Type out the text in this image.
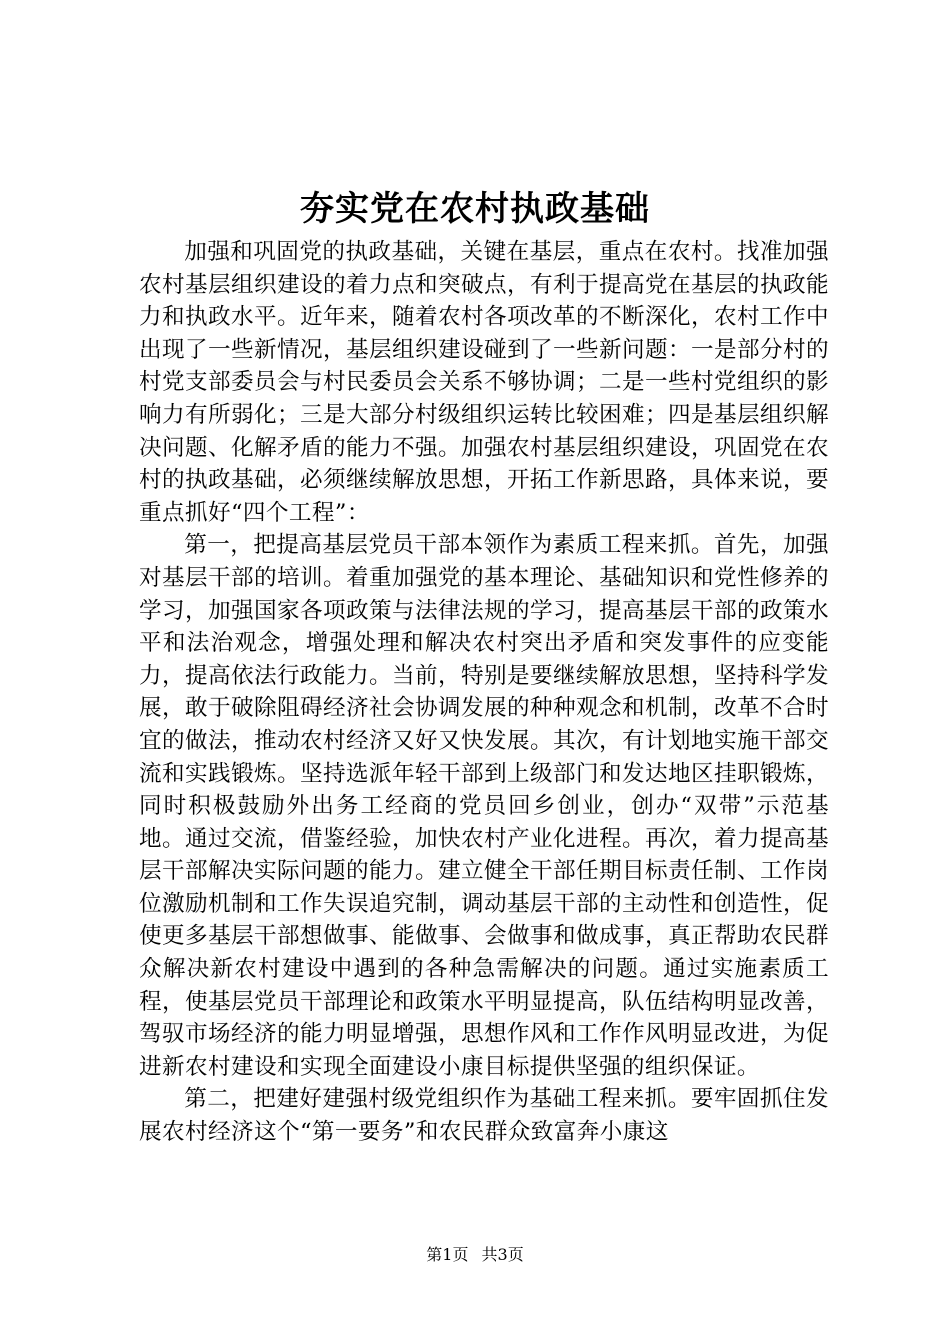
夯实党在农村执政基础

加强和巩固党的执政基础，关键在基层，重点在农村。找准加强农村基层组织建设的着力点和突破点，有利于提高党在基层的执政能力和执政水平。近年来，随着农村各项改革的不断深化，农村工作中出现了一些新情况，基层组织建设碰到了一些新问题：一是部分村的村党支部委员会与村民委员会关系不够协调；二是一些村党组织的影响力有所弱化；三是大部分村级组织运转比较困难；四是基层组织解决问题、化解矛盾的能力不强。加强农村基层组织建设，巩固党在农村的执政基础，必须继续解放思想，开拓工作新思路，具体来说，要重点抓好“四个工程”：

第一，把提高基层党员干部本领作为素质工程来抓。首先，加强对基层干部的培训。着重加强党的基本理论、基础知识和党性修养的学习，加强国家各项政策与法律法规的学习，提高基层干部的政策水平和法治观念，增强处理和解决农村突出矛盾和突发事件的应变能力，提高依法行政能力。当前，特别是要继续解放思想，坚持科学发展，敢于破除阻碍经济社会协调发展的种种观念和机制，改革不合时宜的做法，推动农村经济又好又快发展。其次，有计划地实施干部交流和实践锻炼。坚持选派年轻干部到上级部门和发达地区挂职锻炼，同时积极鼓励外出务工经商的党员回乡创业，创办“双带”示范基地。通过交流，借鉴经验，加快农村产业化进程。再次，着力提高基层干部解决实际问题的能力。建立健全干部任期目标责任制、工作岗位激励机制和工作失误追究制，调动基层干部的主动性和创造性，促使更多基层干部想做事、能做事、会做事和做成事，真正帮助农民群众解决新农村建设中遇到的各种急需解决的问题。通过实施素质工程，使基层党员干部理论和政策水平明显提高，队伍结构明显改善，驾驭市场经济的能力明显增强，思想作风和工作作风明显改进，为促进新农村建设和实现全面建设小康目标提供坚强的组织保证。

第二，把建好建强村级党组织作为基础工程来抓。要牢固抓住发展农村经济这个“第一要务”和农民群众致富奔小康这

第1页 共3页
